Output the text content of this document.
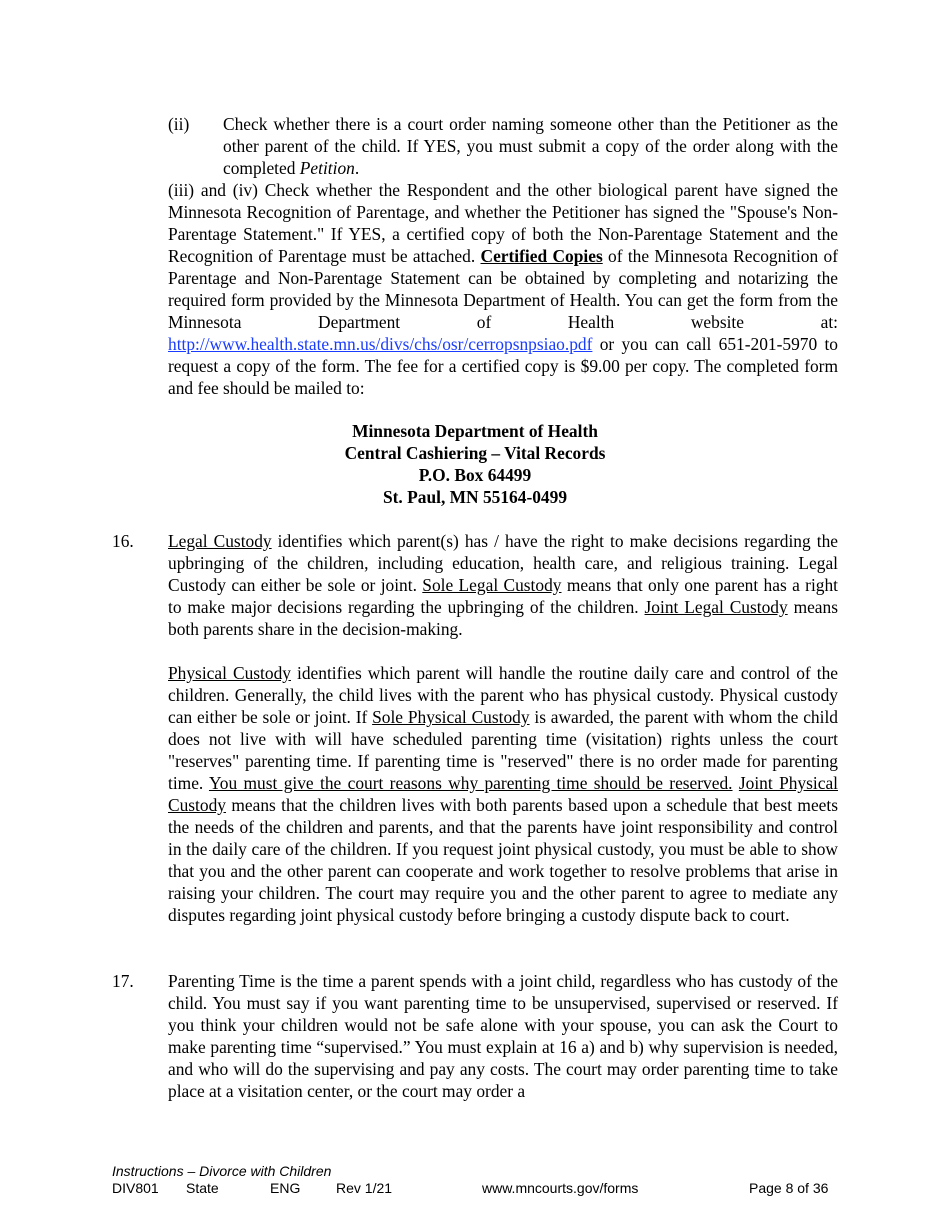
(ii) Check whether there is a court order naming someone other than the Petitioner as the other parent of the child. If YES, you must submit a copy of the order along with the completed Petition.

(iii) and (iv) Check whether the Respondent and the other biological parent have signed the Minnesota Recognition of Parentage, and whether the Petitioner has signed the "Spouse's Non-Parentage Statement." If YES, a certified copy of both the Non-Parentage Statement and the Recognition of Parentage must be attached. Certified Copies of the Minnesota Recognition of Parentage and Non-Parentage Statement can be obtained by completing and notarizing the required form provided by the Minnesota Department of Health. You can get the form from the Minnesota Department of Health website at: http://www.health.state.mn.us/divs/chs/osr/cerropsnpsiao.pdf or you can call 651-201-5970 to request a copy of the form. The fee for a certified copy is $9.00 per copy. The completed form and fee should be mailed to:

Minnesota Department of Health
Central Cashiering – Vital Records
P.O. Box 64499
St. Paul, MN 55164-0499
16. Legal Custody identifies which parent(s) has / have the right to make decisions regarding the upbringing of the children, including education, health care, and religious training. Legal Custody can either be sole or joint. Sole Legal Custody means that only one parent has a right to make major decisions regarding the upbringing of the children. Joint Legal Custody means both parents share in the decision-making.

Physical Custody identifies which parent will handle the routine daily care and control of the children. Generally, the child lives with the parent who has physical custody. Physical custody can either be sole or joint. If Sole Physical Custody is awarded, the parent with whom the child does not live with will have scheduled parenting time (visitation) rights unless the court "reserves" parenting time. If parenting time is "reserved" there is no order made for parenting time. You must give the court reasons why parenting time should be reserved. Joint Physical Custody means that the children lives with both parents based upon a schedule that best meets the needs of the children and parents, and that the parents have joint responsibility and control in the daily care of the children. If you request joint physical custody, you must be able to show that you and the other parent can cooperate and work together to resolve problems that arise in raising your children. The court may require you and the other parent to agree to mediate any disputes regarding joint physical custody before bringing a custody dispute back to court.

17. Parenting Time is the time a parent spends with a joint child, regardless who has custody of the child. You must say if you want parenting time to be unsupervised, supervised or reserved. If you think your children would not be safe alone with your spouse, you can ask the Court to make parenting time “supervised.” You must explain at 16 a) and b) why supervision is needed, and who will do the supervising and pay any costs. The court may order parenting time to take place at a visitation center, or the court may order a

Instructions – Divorce with Children
DIV801 State	ENG	Rev 1/21	www.mncourts.gov/forms	Page 8 of 36
